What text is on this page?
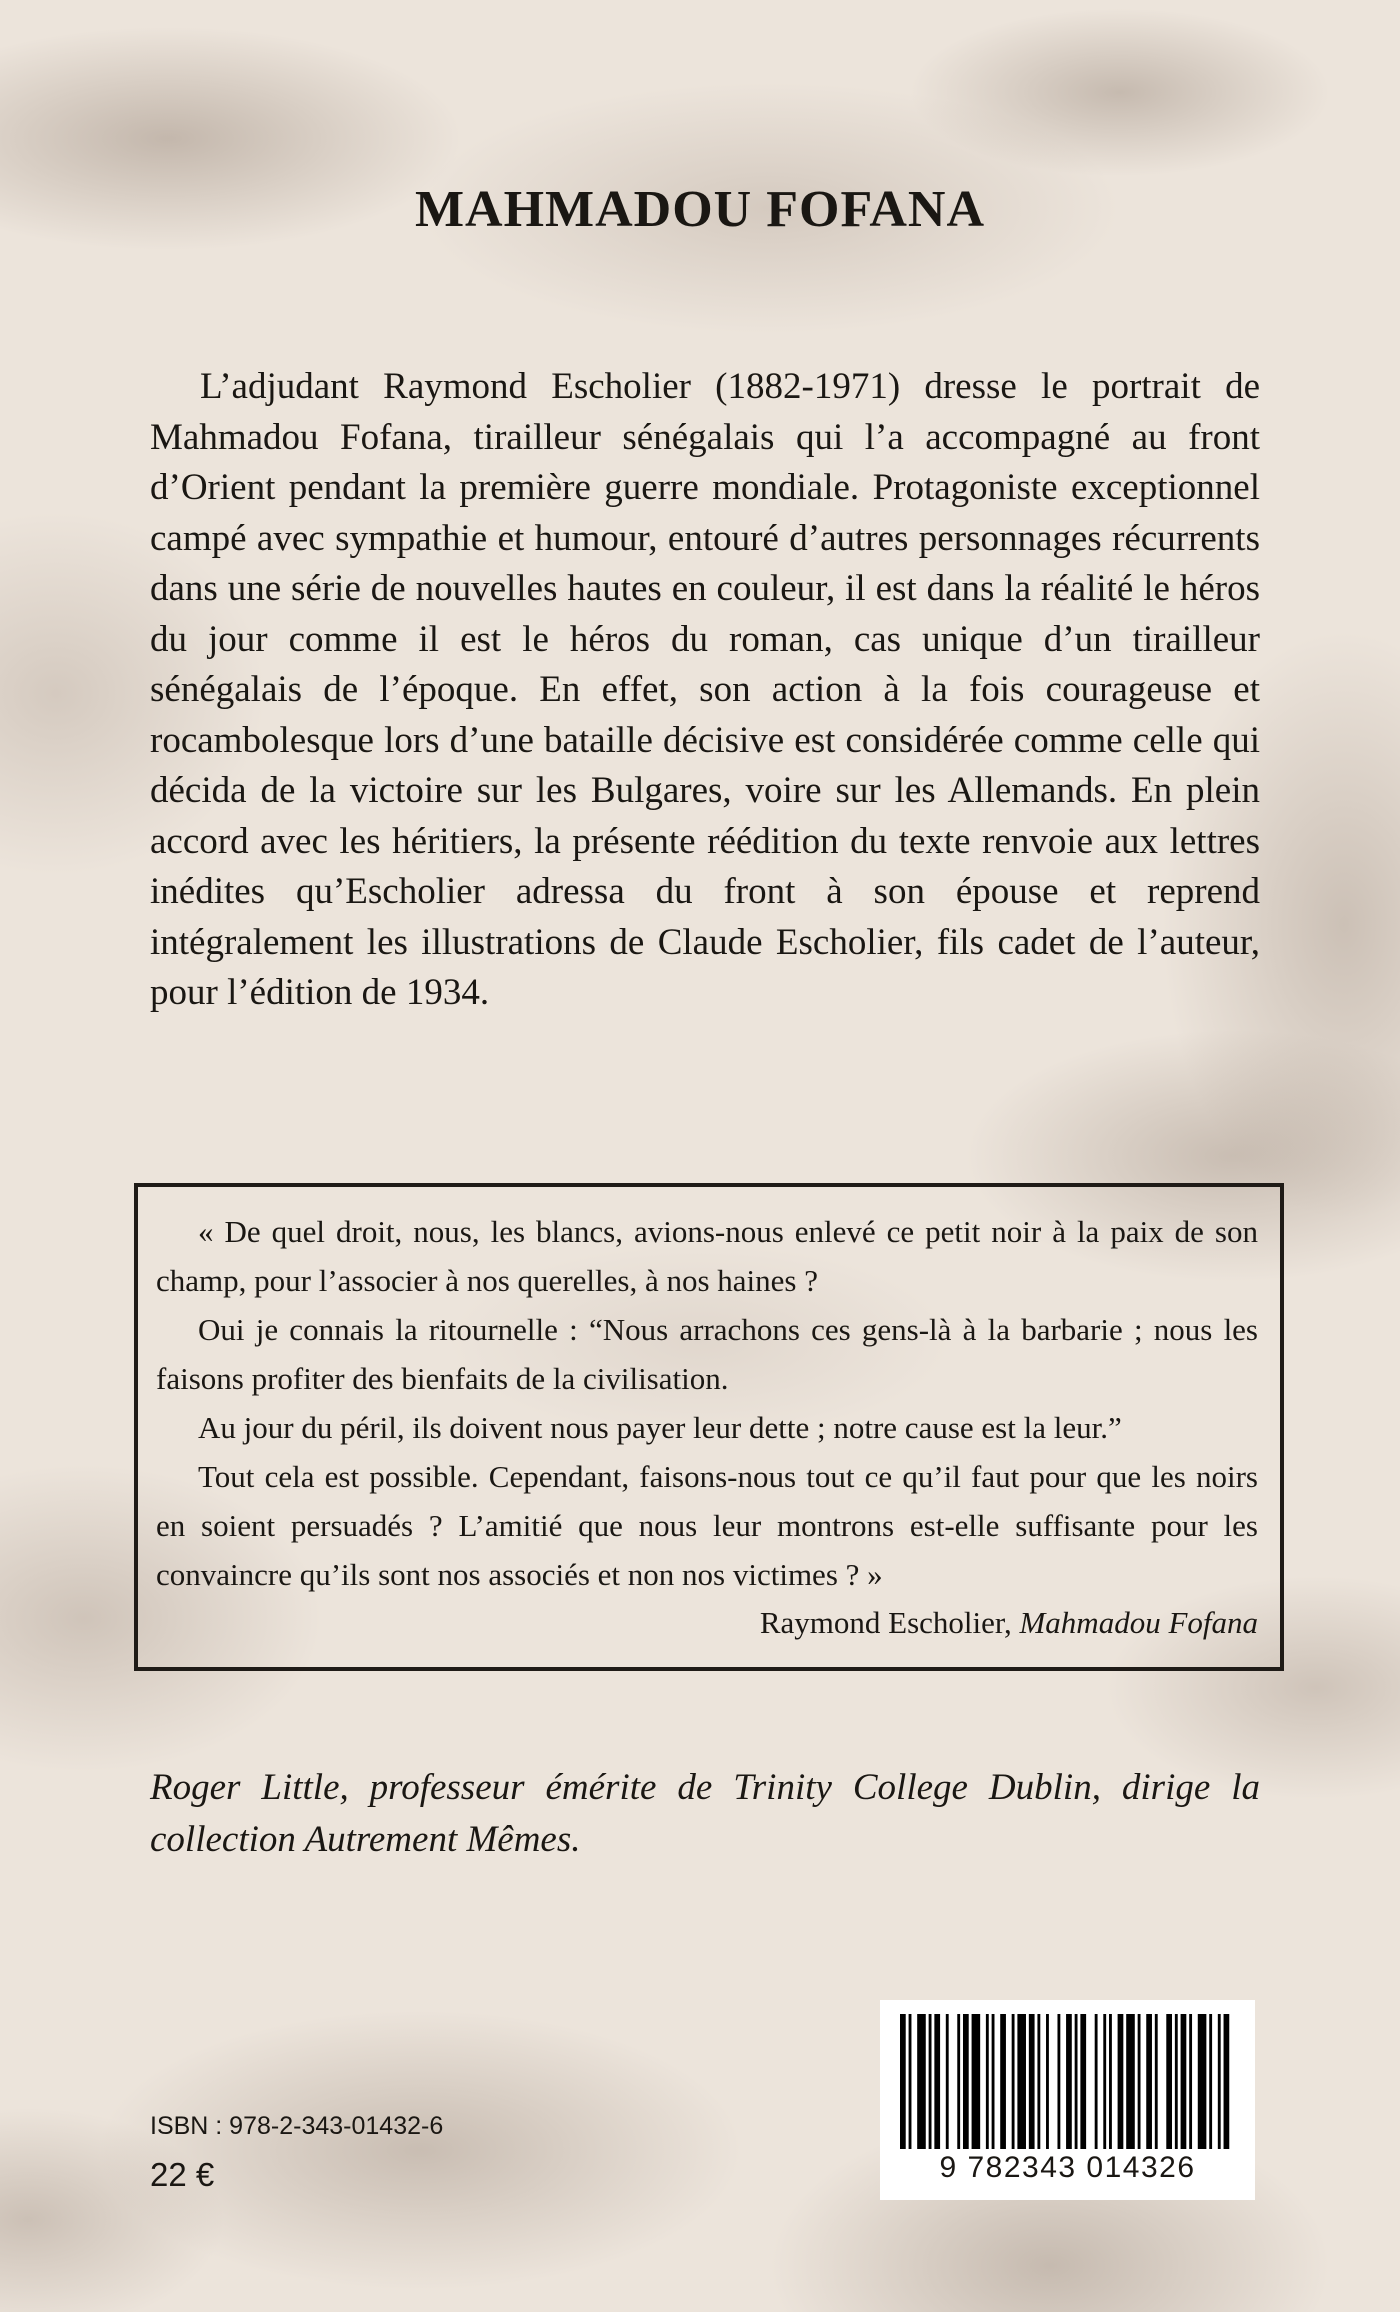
MAHMADOU FOFANA

L’adjudant Raymond Escholier (1882-1971) dresse le portrait de Mahmadou Fofana, tirailleur sénégalais qui l’a accompagné au front d’Orient pendant la première guerre mondiale. Protagoniste exceptionnel campé avec sympathie et humour, entouré d’autres personnages récurrents dans une série de nouvelles hautes en couleur, il est dans la réalité le héros du jour comme il est le héros du roman, cas unique d’un tirailleur sénégalais de l’époque. En effet, son action à la fois courageuse et rocambolesque lors d’une bataille décisive est considérée comme celle qui décida de la victoire sur les Bulgares, voire sur les Allemands. En plein accord avec les héritiers, la présente réédition du texte renvoie aux lettres inédites qu’Escholier adressa du front à son épouse et reprend intégralement les illustrations de Claude Escholier, fils cadet de l’auteur, pour l’édition de 1934.

« De quel droit, nous, les blancs, avions-nous enlevé ce petit noir à la paix de son champ, pour l’associer à nos querelles, à nos haines ?

Oui je connais la ritournelle : “Nous arrachons ces gens-là à la barbarie ; nous les faisons profiter des bienfaits de la civilisation.

Au jour du péril, ils doivent nous payer leur dette ; notre cause est la leur.”

Tout cela est possible. Cependant, faisons-nous tout ce qu’il faut pour que les noirs en soient persuadés ? L’amitié que nous leur montrons est-elle suffisante pour les convaincre qu’ils sont nos associés et non nos victimes ? »

Raymond Escholier, Mahmadou Fofana

Roger Little, professeur émérite de Trinity College Dublin, dirige la collection Autrement Mêmes.

ISBN : 978-2-343-01432-6

22 €	9 782343 014326
